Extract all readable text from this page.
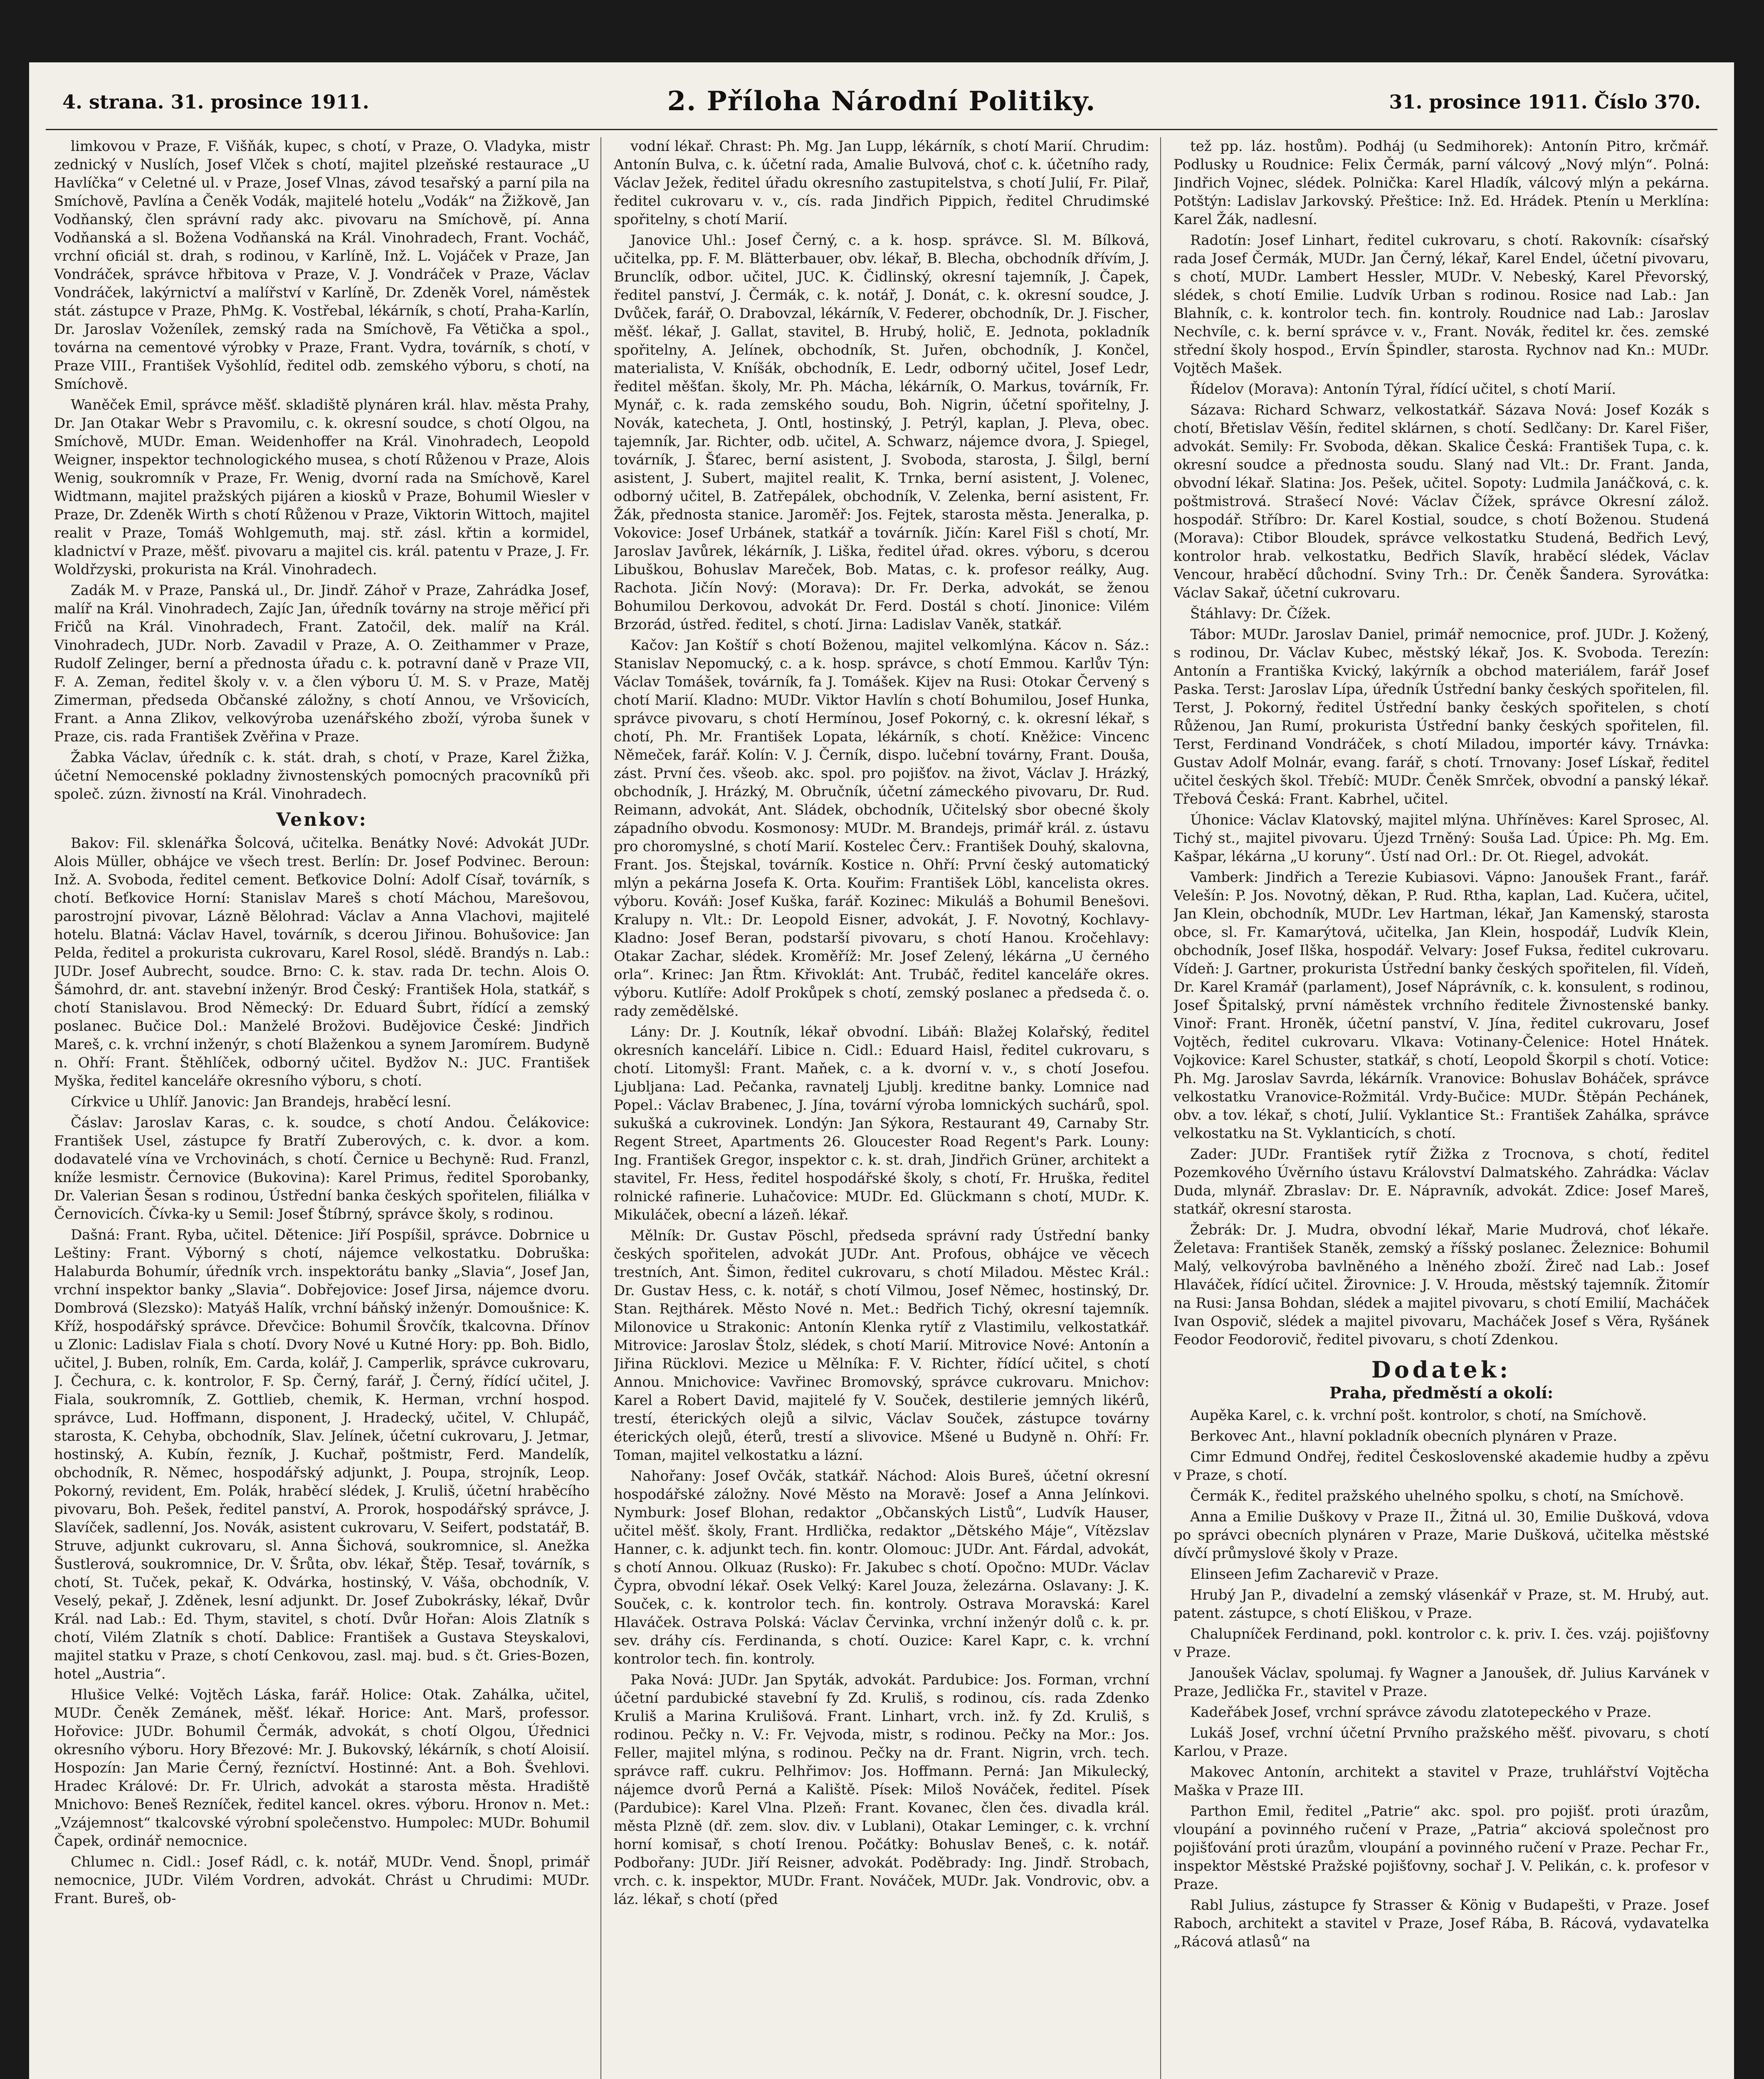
4. strana. 31. prosince 1911.	2. Příloha Národní Politiky.	31. prosince 1911. Číslo 370.

limkovou v Praze, F. Višňák, kupec, s chotí, v Praze, O. Vladyka, mistr zednický v Nuslích, Josef Vlček s chotí, majitel plzeňské restaurace „U Havlíčka“ v Celetné ul. v Praze, Josef Vlnas, závod tesařský a parní pila na Smíchově, Pavlína a Čeněk Vodák, majitelé hotelu „Vodák“ na Žižkově, Jan Vodňanský, člen správní rady akc. pivovaru na Smíchově, pí. Anna Vodňanská a sl. Božena Vodňanská na Král. Vinohradech, Frant. Vocháč, vrchní oficiál st. drah, s rodinou, v Karlíně, Inž. L. Vojáček v Praze, Jan Vondráček, správce hřbitova v Praze, V. J. Vondráček v Praze, Václav Vondráček, lakýrnictví a malířství v Karlíně, Dr. Zdeněk Vorel, náměstek stát. zástupce v Praze, PhMg. K. Vostřebal, lékárník, s chotí, Praha-Karlín, Dr. Jaroslav Voženílek, zemský rada na Smíchově, Fa Větička a spol., továrna na cementové výrobky v Praze, Frant. Vydra, továrník, s chotí, v Praze VIII., František Vyšohlíd, ředitel odb. zemského výboru, s chotí, na Smíchově.

Waněček Emil, správce měšť. skladiště plynáren král. hlav. města Prahy, Dr. Jan Otakar Webr s Pravomilu, c. k. okresní soudce, s chotí Olgou, na Smíchově, MUDr. Eman. Weidenhoffer na Král. Vinohradech, Leopold Weigner, inspektor technologického musea, s chotí Růženou v Praze, Alois Wenig, soukromník v Praze, Fr. Wenig, dvorní rada na Smíchově, Karel Widtmann, majitel pražských pijáren a kiosků v Praze, Bohumil Wiesler v Praze, Dr. Zdeněk Wirth s chotí Růženou v Praze, Viktorin Wittoch, majitel realit v Praze, Tomáš Wohlgemuth, maj. stř. zásl. křtin a kormidel, kladnictví v Praze, měšť. pivovaru a majitel cis. král. patentu v Praze, J. Fr. Woldřzyski, prokurista na Král. Vinohradech.

Zadák M. v Praze, Panská ul., Dr. Jindř. Záhoř v Praze, Zahrádka Josef, malíř na Král. Vinohradech, Zajíc Jan, úředník továrny na stroje měřicí při Fričů na Král. Vinohradech, Frant. Zatočil, dek. malíř na Král. Vinohradech, JUDr. Norb. Zavadil v Praze, A. O. Zeithammer v Praze, Rudolf Zelinger, berní a přednosta úřadu c. k. potravní daně v Praze VII, F. A. Zeman, ředitel školy v. v. a člen výboru Ú. M. S. v Praze, Matěj Zimerman, předseda Občanské záložny, s chotí Annou, ve Vršovicích, Frant. a Anna Zlikov, velkovýroba uzenářského zboží, výroba šunek v Praze, cis. rada František Zvěřina v Praze.

Žabka Václav, úředník c. k. stát. drah, s chotí, v Praze, Karel Žižka, účetní Nemocenské pokladny živnostenských pomocných pracovníků při společ. zúzn. živností na Král. Vinohradech.

Venkov:

Bakov: Fil. sklenářka Šolcová, učitelka. Benátky Nové: Advokát JUDr. Alois Müller, obhájce ve všech trest. Berlín: Dr. Josef Podvinec. Beroun: Inž. A. Svoboda, ředitel cement. Beťkovice Dolní: Adolf Císař, továrník, s chotí. Beťkovice Horní: Stanislav Mareš s chotí Máchou, Marešovou, parostrojní pivovar, Lázně Bělohrad: Václav a Anna Vlachovi, majitelé hotelu. Blatná: Václav Havel, továrník, s dcerou Jiřinou. Bohušovice: Jan Pelda, ředitel a prokurista cukrovaru, Karel Rosol, slédě. Brandýs n. Lab.: JUDr. Josef Aubrecht, soudce. Brno: C. k. stav. rada Dr. techn. Alois O. Šámohrd, dr. ant. stavební inženýr. Brod Český: František Hola, statkář, s chotí Stanislavou. Brod Německý: Dr. Eduard Šubrt, řídící a zemský poslanec. Bučice Dol.: Manželé Brožovi. Budějovice České: Jindřich Mareš, c. k. vrchní inženýr, s chotí Blaženkou a synem Jaromírem. Budyně n. Ohří: Frant. Štěhlíček, odborný učitel. Bydžov N.: JUC. František Myška, ředitel kanceláře okresního výboru, s chotí.

Církvice u Uhlíř. Janovic: Jan Brandejs, hraběcí lesní.

Čáslav: Jaroslav Karas, c. k. soudce, s chotí Andou. Čelákovice: František Usel, zástupce fy Bratří Zuberových, c. k. dvor. a kom. dodavatelé vína ve Vrchovinách, s chotí. Černice u Bechyně: Rud. Franzl, kníže lesmistr. Černovice (Bukovina): Karel Primus, ředitel Sporobanky, Dr. Valerian Šesan s rodinou, Ústřední banka českých spořitelen, filiálka v Černovicích. Čívka-ky u Semil: Josef Štíbrný, správce školy, s rodinou.

Dašná: Frant. Ryba, učitel. Dětenice: Jiří Pospíšil, správce. Dobrnice u Leštiny: Frant. Výborný s chotí, nájemce velkostatku. Dobruška: Halaburda Bohumír, úředník vrch. inspektorátu banky „Slavia“, Josef Jan, vrchní inspektor banky „Slavia“. Dobřejovice: Josef Jirsa, nájemce dvoru. Dombrová (Slezsko): Matyáš Halík, vrchní báňský inženýr. Domoušnice: K. Kříž, hospodářský správce. Dřevčice: Bohumil Šrovčík, tkalcovna. Dřínov u Zlonic: Ladislav Fiala s chotí. Dvory Nové u Kutné Hory: pp. Boh. Bidlo, učitel, J. Buben, rolník, Em. Carda, kolář, J. Camperlik, správce cukrovaru, J. Čechura, c. k. kontrolor, F. Sp. Černý, farář, J. Černý, řídící učitel, J. Fiala, soukromník, Z. Gottlieb, chemik, K. Herman, vrchní hospod. správce, Lud. Hoffmann, disponent, J. Hradecký, učitel, V. Chlupáč, starosta, K. Cehyba, obchodník, Slav. Jelínek, účetní cukrovaru, J. Jetmar, hostinský, A. Kubín, řezník, J. Kuchař, poštmistr, Ferd. Mandelík, obchodník, R. Němec, hospodářský adjunkt, J. Poupa, strojník, Leop. Pokorný, revident, Em. Polák, hraběcí slédek, J. Kruliš, účetní hraběcího pivovaru, Boh. Pešek, ředitel panství, A. Prorok, hospodářský správce, J. Slavíček, sadlenní, Jos. Novák, asistent cukrovaru, V. Seifert, podstatář, B. Struve, adjunkt cukrovaru, sl. Anna Šichová, soukromnice, sl. Anežka Šustlerová, soukromnice, Dr. V. Šrůta, obv. lékař, Štěp. Tesař, továrník, s chotí, St. Tuček, pekař, K. Odvárka, hostinský, V. Váša, obchodník, V. Veselý, pekař, J. Zděnek, lesní adjunkt. Dr. Josef Zubokrásky, lékař, Dvůr Král. nad Lab.: Ed. Thym, stavitel, s chotí. Dvůr Hořan: Alois Zlatník s chotí, Vilém Zlatník s chotí. Dablice: František a Gustava Steyskalovi, majitel statku v Praze, s chotí Cenkovou, zasl. maj. bud. s čt. Gries-Bozen, hotel „Austria“.

Hlušice Velké: Vojtěch Láska, farář. Holice: Otak. Zahálka, učitel, MUDr. Čeněk Zemánek, měšť. lékař. Horice: Ant. Marš, professor. Hořovice: JUDr. Bohumil Čermák, advokát, s chotí Olgou, Úřednici okresního výboru. Hory Březové: Mr. J. Bukovský, lékárník, s chotí Aloisií. Hospozín: Jan Marie Černý, řezníctví. Hostinné: Ant. a Boh. Švehlovi. Hradec Králové: Dr. Fr. Ulrich, advokát a starosta města. Hradiště Mnichovo: Beneš Rezníček, ředitel kancel. okres. výboru. Hronov n. Met.: „Vzájemnost“ tkalcovské výrobní společenstvo. Humpolec: MUDr. Bohumil Čapek, ordinář nemocnice.

Chlumec n. Cidl.: Josef Rádl, c. k. notář, MUDr. Vend. Šnopl, primář nemocnice, JUDr. Vilém Vordren, advokát. Chrást u Chrudimi: MUDr. Frant. Bureš, ob-

vodní lékař. Chrast: Ph. Mg. Jan Lupp, lékárník, s chotí Marií. Chrudim: Antonín Bulva, c. k. účetní rada, Amalie Bulvová, choť c. k. účetního rady, Václav Ježek, ředitel úřadu okresního zastupitelstva, s chotí Julií, Fr. Pilař, ředitel cukrovaru v. v., cís. rada Jindřich Pippich, ředitel Chrudimské spořitelny, s chotí Marií.

Janovice Uhl.: Josef Černý, c. a k. hosp. správce. Sl. M. Bílková, učitelka, pp. F. M. Blätterbauer, obv. lékař, B. Blecha, obchodník dřívím, J. Brunclík, odbor. učitel, JUC. K. Čidlinský, okresní tajemník, J. Čapek, ředitel panství, J. Čermák, c. k. notář, J. Donát, c. k. okresní soudce, J. Dvůček, farář, O. Drabovzal, lékárník, V. Federer, obchodník, Dr. J. Fischer, měšť. lékař, J. Gallat, stavitel, B. Hrubý, holič, E. Jednota, pokladník spořitelny, A. Jelínek, obchodník, St. Juřen, obchodník, J. Končel, materialista, V. Kníšák, obchodník, E. Ledr, odborný učitel, Josef Ledr, ředitel měšťan. školy, Mr. Ph. Mácha, lékárník, O. Markus, továrník, Fr. Mynář, c. k. rada zemského soudu, Boh. Nigrin, účetní spořitelny, J. Novák, katecheta, J. Ontl, hostinský, J. Petrýl, kaplan, J. Pleva, obec. tajemník, Jar. Richter, odb. učitel, A. Schwarz, nájemce dvora, J. Spiegel, továrník, J. Šťarec, berní asistent, J. Svoboda, starosta, J. Šilgl, berní asistent, J. Subert, majitel realit, K. Trnka, berní asistent, J. Volenec, odborný učitel, B. Zatřepálek, obchodník, V. Zelenka, berní asistent, Fr. Žák, přednosta stanice. Jaroměř: Jos. Fejtek, starosta města. Jeneralka, p. Vokovice: Josef Urbánek, statkář a továrník. Jičín: Karel Fišl s chotí, Mr. Jaroslav Javůrek, lékárník, J. Liška, ředitel úřad. okres. výboru, s dcerou Libuškou, Bohuslav Mareček, Bob. Matas, c. k. profesor reálky, Aug. Rachota. Jičín Nový: (Morava): Dr. Fr. Derka, advokát, se ženou Bohumilou Derkovou, advokát Dr. Ferd. Dostál s chotí. Jinonice: Vilém Brzorád, ústřed. ředitel, s chotí. Jirna: Ladislav Vaněk, statkář.

Kačov: Jan Koštíř s chotí Boženou, majitel velkomlýna. Kácov n. Sáz.: Stanislav Nepomucký, c. a k. hosp. správce, s chotí Emmou. Karlův Týn: Václav Tomášek, továrník, fa J. Tomášek. Kijev na Rusi: Otokar Červený s chotí Marií. Kladno: MUDr. Viktor Havlín s chotí Bohumilou, Josef Hunka, správce pivovaru, s chotí Hermínou, Josef Pokorný, c. k. okresní lékař, s chotí, Ph. Mr. František Lopata, lékárník, s chotí. Kněžice: Vincenc Němeček, farář. Kolín: V. J. Černík, dispo. lučební továrny, Frant. Douša, zást. První čes. všeob. akc. spol. pro pojišťov. na život, Václav J. Hrázký, obchodník, J. Hrázký, M. Obručník, účetní zámeckého pivovaru, Dr. Rud. Reimann, advokát, Ant. Sládek, obchodník, Učitelský sbor obecné školy západního obvodu. Kosmonosy: MUDr. M. Brandejs, primář král. z. ústavu pro choromyslné, s chotí Marií. Kostelec Červ.: František Douhý, skalovna, Frant. Jos. Štejskal, továrník. Kostice n. Ohří: První český automatický mlýn a pekárna Josefa K. Orta. Kouřim: František Löbl, kancelista okres. výboru. Kováň: Josef Kuška, farář. Kozinec: Mikuláš a Bohumil Benešovi. Kralupy n. Vlt.: Dr. Leopold Eisner, advokát, J. F. Novotný, Kochlavy-Kladno: Josef Beran, podstarší pivovaru, s chotí Hanou. Kročehlavy: Otakar Zachar, slédek. Kroměříž: Mr. Josef Zelený, lékárna „U černého orla“. Krinec: Jan Řtm. Křivoklát: Ant. Trubáč, ředitel kanceláře okres. výboru. Kutlíře: Adolf Prokůpek s chotí, zemský poslanec a předseda č. o. rady zemědělské.

Lány: Dr. J. Koutník, lékař obvodní. Libáň: Blažej Kolařský, ředitel okresních kanceláří. Libice n. Cidl.: Eduard Haisl, ředitel cukrovaru, s chotí. Litomyšl: Frant. Maňek, c. a k. dvorní v. v., s chotí Josefou. Ljubljana: Lad. Pečanka, ravnatelj Ljublj. kreditne banky. Lomnice nad Popel.: Václav Brabenec, J. Jína, tovární výroba lomnických suchárů, spol. sukušká a cukrovinek. Londýn: Jan Sýkora, Restaurant 49, Carnaby Str. Regent Street, Apartments 26. Gloucester Road Regent's Park. Louny: Ing. František Gregor, inspektor c. k. st. drah, Jindřich Grüner, architekt a stavitel, Fr. Hess, ředitel hospodářské školy, s chotí, Fr. Hruška, ředitel rolnické rafinerie. Luhačovice: MUDr. Ed. Glückmann s chotí, MUDr. K. Mikuláček, obecní a lázeň. lékař.

Mělník: Dr. Gustav Pöschl, předseda správní rady Ústřední banky českých spořitelen, advokát JUDr. Ant. Profous, obhájce ve věcech trestních, Ant. Šimon, ředitel cukrovaru, s chotí Miladou. Městec Král.: Dr. Gustav Hess, c. k. notář, s chotí Vilmou, Josef Němec, hostinský, Dr. Stan. Rejthárek. Město Nové n. Met.: Bedřich Tichý, okresní tajemník. Milonovice u Strakonic: Antonín Klenka rytíř z Vlastimilu, velkostatkář. Mitrovice: Jaroslav Štolz, slédek, s chotí Marií. Mitrovice Nové: Antonín a Jiřina Rücklovi. Mezice u Mělníka: F. V. Richter, řídící učitel, s chotí Annou. Mnichovice: Vavřinec Bromovský, správce cukrovaru. Mnichov: Karel a Robert David, majitelé fy V. Souček, destilerie jemných likérů, trestí, éterických olejů a silvic, Václav Souček, zástupce továrny éterických olejů, éterů, trestí a slivovice. Mšené u Budyně n. Ohří: Fr. Toman, majitel velkostatku a lázní.

Nahořany: Josef Ovčák, statkář. Náchod: Alois Bureš, účetní okresní hospodářské záložny. Nové Město na Moravě: Josef a Anna Jelínkovi. Nymburk: Josef Blohan, redaktor „Občanských Listů“, Ludvík Hauser, učitel měšť. školy, Frant. Hrdlička, redaktor „Dětského Máje“, Vítězslav Hanner, c. k. adjunkt tech. fin. kontr. Olomouc: JUDr. Ant. Fárdal, advokát, s chotí Annou. Olkuaz (Rusko): Fr. Jakubec s chotí. Opočno: MUDr. Václav Čypra, obvodní lékař. Osek Velký: Karel Jouza, železárna. Oslavany: J. K. Souček, c. k. kontrolor tech. fin. kontroly. Ostrava Moravská: Karel Hlaváček. Ostrava Polská: Václav Červinka, vrchní inženýr dolů c. k. pr. sev. dráhy cís. Ferdinanda, s chotí. Ouzice: Karel Kapr, c. k. vrchní kontrolor tech. fin. kontroly.

Paka Nová: JUDr. Jan Spyták, advokát. Pardubice: Jos. Forman, vrchní účetní pardubické stavební fy Zd. Kruliš, s rodinou, cís. rada Zdenko Kruliš a Marina Krulišová. Frant. Linhart, vrch. inž. fy Zd. Kruliš, s rodinou. Pečky n. V.: Fr. Vejvoda, mistr, s rodinou. Pečky na Mor.: Jos. Feller, majitel mlýna, s rodinou. Pečky na dr. Frant. Nigrin, vrch. tech. správce raff. cukru. Pelhřimov: Jos. Hoffmann. Perná: Jan Mikulecký, nájemce dvorů Perná a Kaliště. Písek: Miloš Nováček, ředitel. Písek (Pardubice): Karel Vlna. Plzeň: Frant. Kovanec, člen čes. divadla král. města Plzně (dř. zem. slov. div. v Lublani), Otakar Leminger, c. k. vrchní horní komisař, s chotí Irenou. Počátky: Bohuslav Beneš, c. k. notář. Podbořany: JUDr. Jiří Reisner, advokát. Poděbrady: Ing. Jindř. Strobach, vrch. c. k. inspektor, MUDr. Frant. Nováček, MUDr. Jak. Vondrovic, obv. a láz. lékař, s chotí (před

tež pp. láz. hostům). Podháj (u Sedmihorek): Antonín Pitro, krčmář. Podlusky u Roudnice: Felix Čermák, parní válcový „Nový mlýn“. Polná: Jindřich Vojnec, slédek. Polnička: Karel Hladík, válcový mlýn a pekárna. Potštýn: Ladislav Jarkovský. Přeštice: Inž. Ed. Hrádek. Ptenín u Merklína: Karel Žák, nadlesní.

Radotín: Josef Linhart, ředitel cukrovaru, s chotí. Rakovník: císařský rada Josef Čermák, MUDr. Jan Černý, lékař, Karel Endel, účetní pivovaru, s chotí, MUDr. Lambert Hessler, MUDr. V. Nebeský, Karel Převorský, slédek, s chotí Emilie. Ludvík Urban s rodinou. Rosice nad Lab.: Jan Blahník, c. k. kontrolor tech. fin. kontroly. Roudnice nad Lab.: Jaroslav Nechvíle, c. k. berní správce v. v., Frant. Novák, ředitel kr. čes. zemské střední školy hospod., Ervín Špindler, starosta. Rychnov nad Kn.: MUDr. Vojtěch Mašek.

Řídelov (Morava): Antonín Týral, řídící učitel, s chotí Marií.

Sázava: Richard Schwarz, velkostatkář. Sázava Nová: Josef Kozák s chotí, Břetislav Věšín, ředitel sklárnen, s chotí. Sedlčany: Dr. Karel Fišer, advokát. Semily: Fr. Svoboda, děkan. Skalice Česká: František Tupa, c. k. okresní soudce a přednosta soudu. Slaný nad Vlt.: Dr. Frant. Janda, obvodní lékař. Slatina: Jos. Pešek, učitel. Sopoty: Ludmila Janáčková, c. k. poštmistrová. Strašecí Nové: Václav Čížek, správce Okresní zálož. hospodář. Stříbro: Dr. Karel Kostial, soudce, s chotí Boženou. Studená (Morava): Ctibor Bloudek, správce velkostatku Studená, Bedřich Levý, kontrolor hrab. velkostatku, Bedřich Slavík, hraběcí slédek, Václav Vencour, hraběcí důchodní. Sviny Trh.: Dr. Čeněk Šandera. Syrovátka: Václav Sakař, účetní cukrovaru.

Štáhlavy: Dr. Čížek.

Tábor: MUDr. Jaroslav Daniel, primář nemocnice, prof. JUDr. J. Kožený, s rodinou, Dr. Václav Kubec, městský lékař, Jos. K. Svoboda. Terezín: Antonín a Františka Kvický, lakýrník a obchod materiálem, farář Josef Paska. Terst: Jaroslav Lípa, úředník Ústřední banky českých spořitelen, fil. Terst, J. Pokorný, ředitel Ústřední banky českých spořitelen, s chotí Růženou, Jan Rumí, prokurista Ústřední banky českých spořitelen, fil. Terst, Ferdinand Vondráček, s chotí Miladou, importér kávy. Trnávka: Gustav Adolf Molnár, evang. farář, s chotí. Trnovany: Josef Lískař, ředitel učitel českých škol. Třebíč: MUDr. Čeněk Smrček, obvodní a panský lékař. Třebová Česká: Frant. Kabrhel, učitel.

Úhonice: Václav Klatovský, majitel mlýna. Uhříněves: Karel Sprosec, Al. Tichý st., majitel pivovaru. Újezd Trněný: Souša Lad. Úpice: Ph. Mg. Em. Kašpar, lékárna „U koruny“. Ústí nad Orl.: Dr. Ot. Riegel, advokát.

Vamberk: Jindřich a Terezie Kubiasovi. Vápno: Janoušek Frant., farář. Velešín: P. Jos. Novotný, děkan, P. Rud. Rtha, kaplan, Lad. Kučera, učitel, Jan Klein, obchodník, MUDr. Lev Hartman, lékař, Jan Kamenský, starosta obce, sl. Fr. Kamarýtová, učitelka, Jan Klein, hospodář, Ludvík Klein, obchodník, Josef Ilška, hospodář. Velvary: Josef Fuksa, ředitel cukrovaru. Vídeň: J. Gartner, prokurista Ústřední banky českých spořitelen, fil. Vídeň, Dr. Karel Kramář (parlament), Josef Náprávník, c. k. konsulent, s rodinou, Josef Špitalský, první náměstek vrchního ředitele Živnostenské banky. Vinoř: Frant. Hroněk, účetní panství, V. Jína, ředitel cukrovaru, Josef Vojtěch, ředitel cukrovaru. Vlkava: Votinany-Čelenice: Hotel Hnátek. Vojkovice: Karel Schuster, statkář, s chotí, Leopold Škorpil s chotí. Votice: Ph. Mg. Jaroslav Savrda, lékárník. Vranovice: Bohuslav Boháček, správce velkostatku Vranovice-Rožmitál. Vrdy-Bučice: MUDr. Štěpán Pechánek, obv. a tov. lékař, s chotí, Julií. Vyklantice St.: František Zahálka, správce velkostatku na St. Vyklanticích, s chotí.

Zader: JUDr. František rytíř Žižka z Trocnova, s chotí, ředitel Pozemkového Úvěrního ústavu Království Dalmatského. Zahrádka: Václav Duda, mlynář. Zbraslav: Dr. E. Nápravník, advokát. Zdice: Josef Mareš, statkář, okresní starosta.

Žebrák: Dr. J. Mudra, obvodní lékař, Marie Mudrová, choť lékaře. Želetava: František Staněk, zemský a říšský poslanec. Železnice: Bohumil Malý, velkovýroba bavlněného a lněného zboží. Žireč nad Lab.: Josef Hlaváček, řídící učitel. Žirovnice: J. V. Hrouda, městský tajemník. Žitomír na Rusi: Jansa Bohdan, slédek a majitel pivovaru, s chotí Emilií, Macháček Ivan Ospovič, slédek a majitel pivovaru, Macháček Josef s Věra, Ryšánek Feodor Feodorovič, ředitel pivovaru, s chotí Zdenkou.

Dodatek:
Praha, předměstí a okolí:

Aupěka Karel, c. k. vrchní pošt. kontrolor, s chotí, na Smíchově.

Berkovec Ant., hlavní pokladník obecních plynáren v Praze.

Cimr Edmund Ondřej, ředitel Československé akademie hudby a zpěvu v Praze, s chotí.

Čermák K., ředitel pražského uhelného spolku, s chotí, na Smíchově.

Anna a Emilie Duškovy v Praze II., Žitná ul. 30, Emilie Dušková, vdova po správci obecních plynáren v Praze, Marie Dušková, učitelka městské dívčí průmyslové školy v Praze.

Elinseen Jefim Zacharevič v Praze.

Hrubý Jan P., divadelní a zemský vlásenkář v Praze, st. M. Hrubý, aut. patent. zástupce, s chotí Eliškou, v Praze.

Chalupníček Ferdinand, pokl. kontrolor c. k. priv. I. čes. vzáj. pojišťovny v Praze.

Janoušek Václav, spolumaj. fy Wagner a Janoušek, dř. Julius Karvánek v Praze, Jedlička Fr., stavitel v Praze.

Kadeřábek Josef, vrchní správce závodu zlatotepeckého v Praze.

Lukáš Josef, vrchní účetní Prvního pražského měšť. pivovaru, s chotí Karlou, v Praze.

Makovec Antonín, architekt a stavitel v Praze, truhlářství Vojtěcha Maška v Praze III.

Parthon Emil, ředitel „Patrie“ akc. spol. pro pojišť. proti úrazům, vloupání a povinného ručení v Praze, „Patria“ akciová společnost pro pojišťování proti úrazům, vloupání a povinného ručení v Praze. Pechar Fr., inspektor Městské Pražské pojišťovny, sochař J. V. Pelikán, c. k. profesor v Praze.

Rabl Julius, zástupce fy Strasser & König v Budapešti, v Praze. Josef Raboch, architekt a stavitel v Praze, Josef Rába, B. Rácová, vydavatelka „Rácová atlasů“ na
